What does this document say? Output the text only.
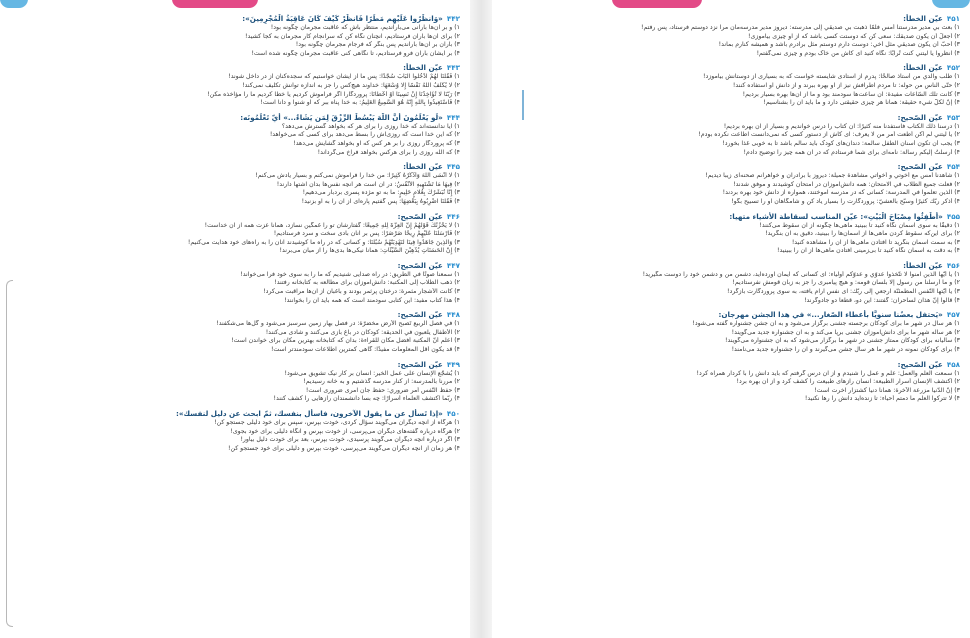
۴۴۲«وَانظُرُوا عَلَيْهِم مَطَرًا فَانظُرْ كَيْفَ كَانَ عَاقِبَةُ الْمُجْرِمِينَ»:
۱) و بر آن‌ها بارانی می‌باراندیم، منتظر باش که عاقبت مجرمان چگونه بود!
۲) برای آن‌ها باران فرستادیم، آنچنان نگاه کن که سرانجام کار مجرمان به کجا کشید!
۳) باران بر آن‌ها باراندیم پس بنگر که فرجام مجرمان چگونه بود!
۴) بر ایشان باران فرو فرستادیم، تا نگاهی کنی عاقبت مجرمان چگونه شده است!
۴۴۳عیّن الخطأ:
۱) فَقُلْنَا لَهُمْ ادْخُلُوا الْبَابَ سُجَّدًا: پس ما از ایشان خواستیم که سجده‌کنان از در داخل شوند!
۲) لا يُكَلِّفُ اللَّهُ نَفْسًا إِلَّا وُسْعَهَا: خداوند هیچ‌کس را جز به اندازه توانش تکلیف نمی‌کند!
۳) رَبَّنَا لا تُؤَاخِذْنَا إِنْ نَسِينَا أَوْ أَخْطَأْنَا: پروردگارا اگر فراموش کردیم یا خطا کردیم ما را مؤاخذه مکن!
۴) فَاسْتَعِيذُوا بِاللَّهِ إِنَّهُ هُوَ السَّمِيعُ الْعَلِيمُ: به خدا پناه ببر که او شنوا و دانا است!
۴۴۴«لَو يَعْلَمُونَ أَنَّ اللَّهَ يَبْسُطُ الرِّزْقَ لِمَن يَشَاءُ...» أيّ تَعْلَمُونَه:
۱) آیا ندانسته‌اند که خدا روزی را برای هر که بخواهد گسترش می‌دهد؟
۲) که این خدا است که روزی‌اش را بسط می‌دهد برای کسی که می‌خواهد!
۳) که پروردگار روزی را بر هر کس که او بخواهد گشایش می‌دهد!
۴) که الله روزی را برای هرکس بخواهد فراخ می‌گرداند!
۴۴۵عیّن الخطأ:
۱) لَا أَنْسَى اللَّهَ وَأَذْكُرُهُ كَثِيرًا: من خدا را فراموش نمی‌کنم و بسیار یادش می‌کنم!
۲) فِيهَا مَا تَشْتَهِيهِ الْأَنْفُسُ: در آن است هر آنچه نفس‌ها بدان اشتها دارند!
۳) إِنَّا نُبَشِّرُكَ بِغُلَامٍ حَلِيمٍ: ما به تو مژده پسری بردبار می‌دهیم!
۴) فَقُلْنَا اضْرِبُوهُ بِبَعْضِهَا: پس گفتیم پاره‌ای از آن را به او بزنید!
۴۴۶عیّن الصّحیح:
۱) لَا يَحْزُنُكَ قَوْلُهُمْ إِنَّ الْعِزَّةَ لِلَّهِ جَمِيعًا: گفتارشان تو را غمگین نسازد، همانا عزت همه از آن خداست!
۲) فَأَرْسَلْنَا عَلَيْهِمْ رِيحًا صَرْصَرًا: پس بر آنان بادی سخت و سرد فرستادیم!
۳) وَالَّذِينَ جَاهَدُوا فِينَا لَنَهْدِيَنَّهُمْ سُبُلَنَا: و کسانی که در راه ما کوشیدند آنان را به راه‌های خود هدایت می‌کنیم!
۴) إِنَّ الْحَسَنَاتِ يُذْهِبْنَ السَّيِّئَاتِ: همانا نیکی‌ها بدی‌ها را از میان می‌برند!
۴۴۷عیّن الصّحیح:
۱) سمعنا صوتًا في الطريق: در راه صدایی شنیدیم که ما را به سوی خود فرا می‌خواند!
۲) ذهب الطّلاب إلى المكتبة: دانش‌آموزان برای مطالعه به کتابخانه رفتند!
۳) كانت الأشجار مثمرة: درختان پرثمر بودند و باغبان از آن‌ها مراقبت می‌کرد!
۴) هذا كتاب مفيد: این کتابی سودمند است که همه باید آن را بخوانند!
۴۴۸عیّن الصّحیح:
۱) في فصل الربيع تَصبح الأرض مخضرّة: در فصل بهار زمین سرسبز می‌شود و گل‌ها می‌شکفند!
۲) الأطفال يلعبون في الحديقة: کودکان در باغ بازی می‌کنند و شادی می‌کنند!
۳) اعلم أنّ المكتبة أفضل مكان للقراءة: بدان که کتابخانه بهترین مکان برای خواندن است!
۴) قد يكون أقل المعلومات مفيدًا: گاهی کمترین اطلاعات سودمندتر است!
۴۴۹عیّن الصّحیح:
۱) يُشجّع الإنسان على عمل الخير: انسان بر کار نیک تشویق می‌شود!
۲) مررنا بالمدرسة: از کنار مدرسه گذشتیم و به خانه رسیدیم!
۳) حفظ النّفس أمر ضروري: حفظ جان امری ضروری است!
۴) ربّما اكتشف العلماء أسرارًا: چه بسا دانشمندان رازهایی را کشف کنند!
۴۵۰«إذا تَسأل عن ما يقول الآخرون، فاسأل بنفسك، ثمّ ابحث عن دليل لنفسك»:
۱) هرگاه از آنچه دیگران می‌گویند سؤال کردی، خودت بپرس، سپس برای خود دلیلی جستجو کن!
۲) هرگاه درباره گفته‌های دیگران می‌پرسی، از خودت بپرس و آنگاه دلیلی برای خود بجوی!
۳) اگر درباره آنچه دیگران می‌گویند پرسیدی، خودت بپرس، بعد برای خودت دلیل بیاور!
۴) هر زمان از آنچه دیگران می‌گویند می‌پرسی، خودت بپرس و دلیلی برای خود جستجو کن!
۴۵۱عیّن الخطأ:
۱) بعث بي مدير مدرستنا أمس فلمّا ذهبت بي صديقي إلى مدرسته: دیروز مدیر مدرسه‌مان مرا نزد دوستم فرستاد، پس رفتم!
۲) أجعلْ أن يكون صديقك: سعی کن که دوستت کسی باشد که از او چیزی بیاموزی!
۳) أحبّ أن يكون صديقي مثل أخي: دوست دارم دوستم مثل برادرم باشد و همیشه کنارم بماند!
۴) انظروا يا ليتني كنت تُرابًا: نگاه کنید ای کاش من خاک بودم و چیزی نمی‌گفتم!
۴۵۲عیّن الخطأ:
۱) طلب والدي من أستاذ صالحًا: پدرم از استادی شایسته خواست که به بسیاری از دوستانش بیاموزد!
۲) حتّى الناس من حوله: تا مردم اطرافش نیز از او بهره ببرند و از دانش او استفاده کنند!
۳) كانت تلك السّاعات مفيدة: آن ساعت‌ها سودمند بود و ما از آن‌ها بهره بسیار بردیم!
۴) إنّ لكلّ شيء حقيقة: همانا هر چیزی حقیقتی دارد و ما باید آن را بشناسیم!
۴۵۳عیّن الصّحیح:
۱) درسنا ذلك الكتاب فاستفدنا منه كثيرًا: آن کتاب را درس خواندیم و بسیار از آن بهره بردیم!
۲) يا ليتني لم أكن أطعت أمر من لا يعرف: ای کاش از دستور کسی که نمی‌دانست اطاعت نکرده بودم!
۳) يجب أن تكون أسنان الطّفل سالمة: دندان‌های کودک باید سالم باشد تا به خوبی غذا بخورد!
۴) أَرسلْتُ إليكم رسالة: نامه‌ای برای شما فرستادم که در آن همه چیز را توضیح دادم!
۴۵۴عیّن الصّحیح:
۱) شاهدنا أمس مع أخوتي و أخواتي مشاهدة جميلة: دیروز با برادران و خواهرانم صحنه‌ای زیبا دیدیم!
۲) فعلت جميع الطّلّاب في الامتحان: همه دانش‌آموزان در امتحان کوشیدند و موفق شدند!
۳) الذين تعلّموا في المدرسة: کسانی که در مدرسه آموختند، همواره از دانش خود بهره بردند!
۴) أذكر ربّك كثيرًا وسبّح بالعشيّ: پروردگارت را بسیار یاد کن و شامگاهان او را تسبیح بگو!
۴۵۵«أطْفِئُوا مِصْبَاحَ الْبَيْتِ»: عیّن المناسب لسقاطة الأشياء متهيا:
۱) دقيقًا به سوی آسمان نگاه کنید تا ببینید ماهی‌ها چگونه از آن سقوط می‌کنند!
۲) برای این‌که سقوط کردن ماهی‌ها از آسمان‌ها را ببینید، دقیق به آن بنگرید!
۳) به سمت آسمان بنگرید تا افتادن ماهی‌ها از آن را مشاهده کنید!
۴) به دقت به آسمان نگاه کنید تا بی‌زمینی افتادن ماهی‌ها از آن را ببینید!
۴۵۶عیّن الخطأ:
۱) يا أيّها الذين آمنوا لا تتّخذوا عدوّي و عدوّكم أولياء: ای کسانی که ایمان آورده‌اید، دشمن من و دشمن خود را دوست مگیرید!
۲) و ما أرسلنا من رسول إلّا بلسان قومه: و هیچ پیامبری را جز به زبان قومش نفرستادیم!
۳) يا أيّتها النّفس المطمئنّة ارجعي إلى ربّك: ای نفس آرام یافته، به سوی پروردگارت بازگرد!
۴) قالوا إنّ هذان لساحران: گفتند: این دو، قطعاً دو جادوگرند!
۴۵۷«يَحتفل بعضُنا سنويًّا بأعطاء الصّغار...» في هذا الجشن مهرجان:
۱) هر سال در شهر ما برای کودکان برجسته جشنی برگزار می‌شود و به آن جشن جشنواره گفته می‌شود!
۲) هر ساله شهر ما برای دانش‌آموزان جشنی برپا می‌کند و به آن جشنواره جدید می‌گویند!
۳) سالیانه برای کودکان ممتاز جشنی در شهر ما برگزار می‌شود که به آن جشنواره می‌گویند!
۴) برای کودکان نمونه در شهر ما هر سال جشن می‌گیرند و آن را جشنواره جدید می‌نامند!
۴۵۸عیّن الصّحیح:
۱) سمعت العلم والعمل: علم و عمل را شنیدم و از آن درس گرفتم که باید دانش را با کردار همراه کرد!
۲) اكتشف الإنسان أسرار الطّبيعة: انسان رازهای طبیعت را کشف کرد و از آن بهره برد!
۳) إنّ الدّنيا مزرعة الآخرة: همانا دنیا کشتزار آخرت است!
۴) لا تتركوا العلم ما دمتم أحياء: تا زنده‌اید دانش را رها نکنید!
